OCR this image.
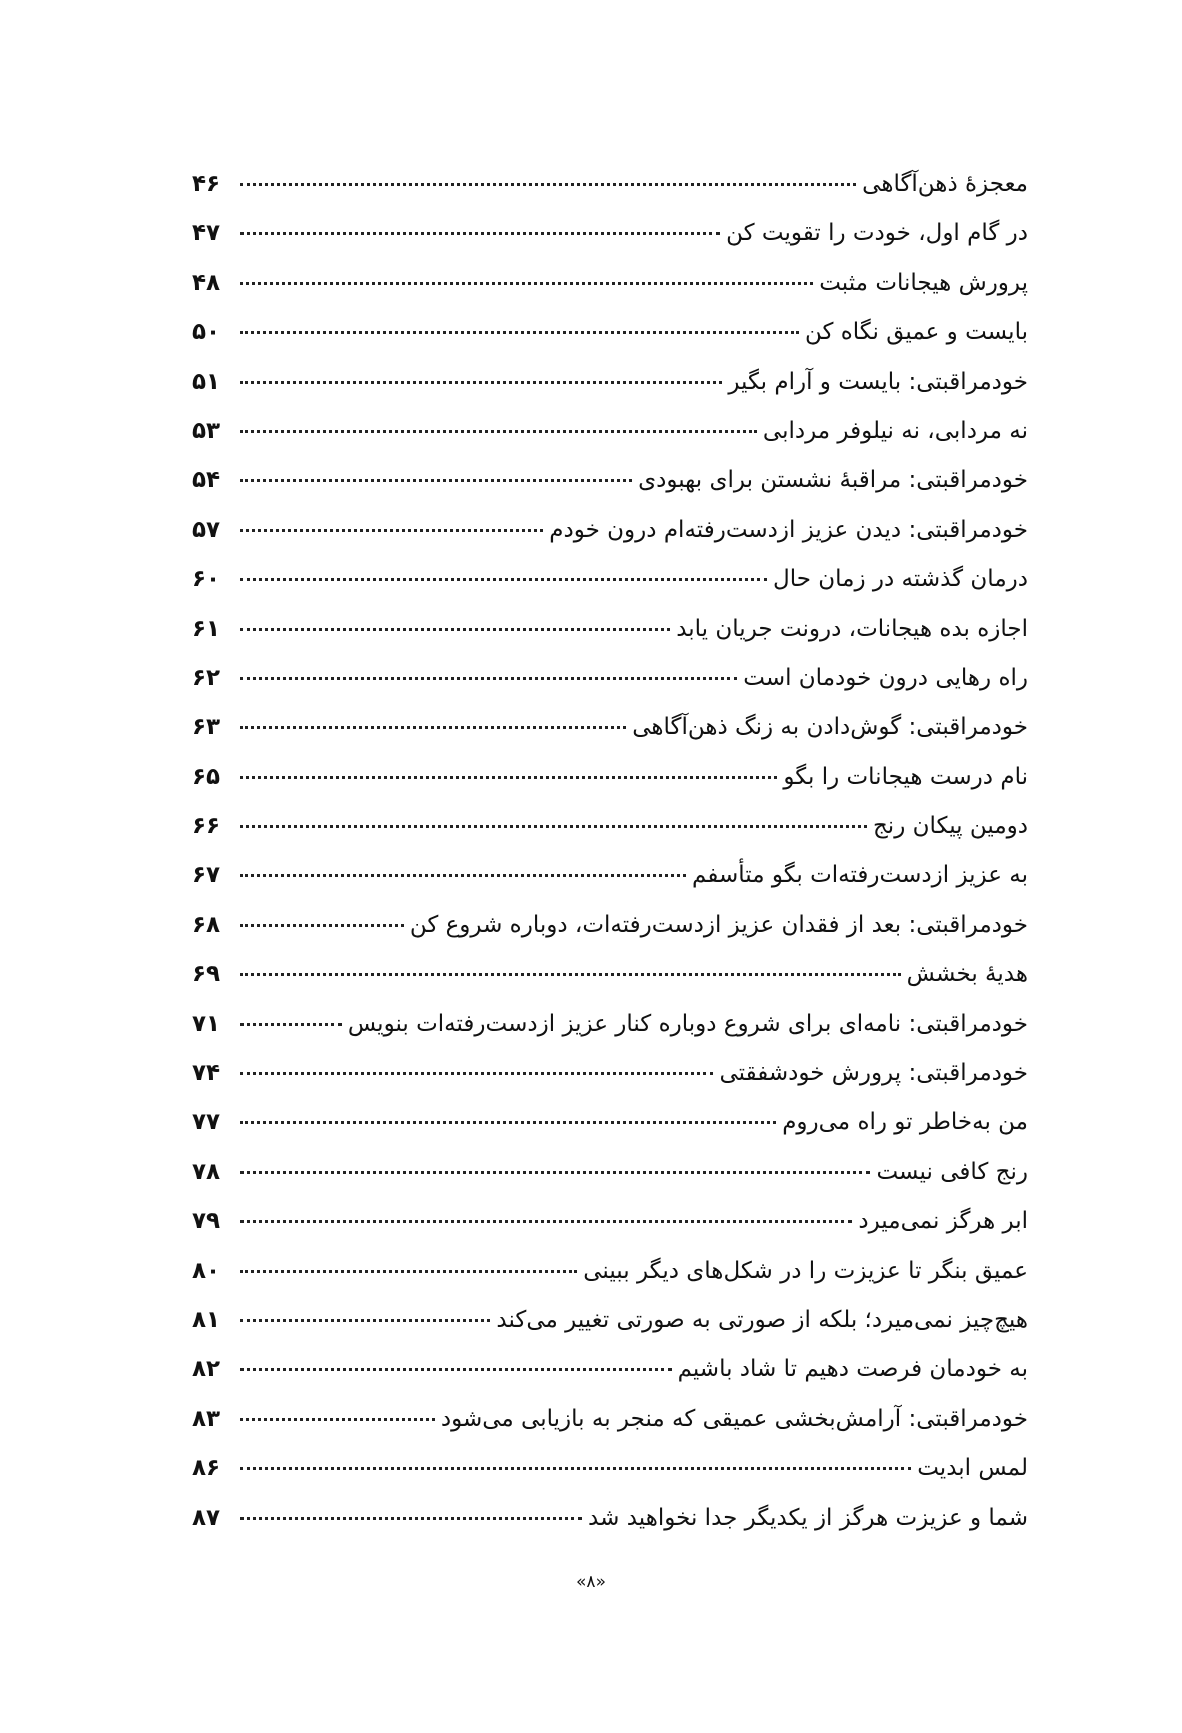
معجزۀ ذهن‌آگاهی
۴۶
در گام اول، خودت را تقویت کن
۴۷
پرورش هیجانات مثبت
۴۸
بایست و عمیق نگاه کن
۵۰
خودمراقبتی: بایست و آرام بگیر
۵۱
نه مردابی، نه نیلوفر مردابی
۵۳
خودمراقبتی: مراقبۀ نشستن برای بهبودی
۵۴
خودمراقبتی: دیدن عزیز ازدست‌رفته‌ام درون خودم
۵۷
درمان گذشته در زمان حال
۶۰
اجازه بده هیجانات، درونت جریان یابد
۶۱
راه رهایی درون خودمان است
۶۲
خودمراقبتی: گوش‌دادن به زنگ ذهن‌آگاهی
۶۳
نام درست هیجانات را بگو
۶۵
دومین پیکان رنج
۶۶
به عزیز ازدست‌رفته‌ات بگو متأسفم
۶۷
خودمراقبتی: بعد از فقدان عزیز ازدست‌رفته‌ات، دوباره شروع کن
۶۸
هدیۀ بخشش
۶۹
خودمراقبتی: نامه‌ای برای شروع دوباره کنار عزیز ازدست‌رفته‌ات بنویس
۷۱
خودمراقبتی: پرورش خودشفقتی
۷۴
من به‌خاطر تو راه می‌روم
۷۷
رنج کافی نیست
۷۸
ابر هرگز نمی‌میرد
۷۹
عمیق بنگر تا عزیزت را در شکل‌های دیگر ببینی
۸۰
هیچ‌چیز نمی‌میرد؛ بلکه از صورتی به صورتی تغییر می‌کند
۸۱
به خودمان فرصت دهیم تا شاد باشیم
۸۲
خودمراقبتی: آرامش‌بخشی عمیقی که منجر به بازیابی می‌شود
۸۳
لمس ابدیت
۸۶
شما و عزیزت هرگز از یکدیگر جدا نخواهید شد
۸۷
«۸»
